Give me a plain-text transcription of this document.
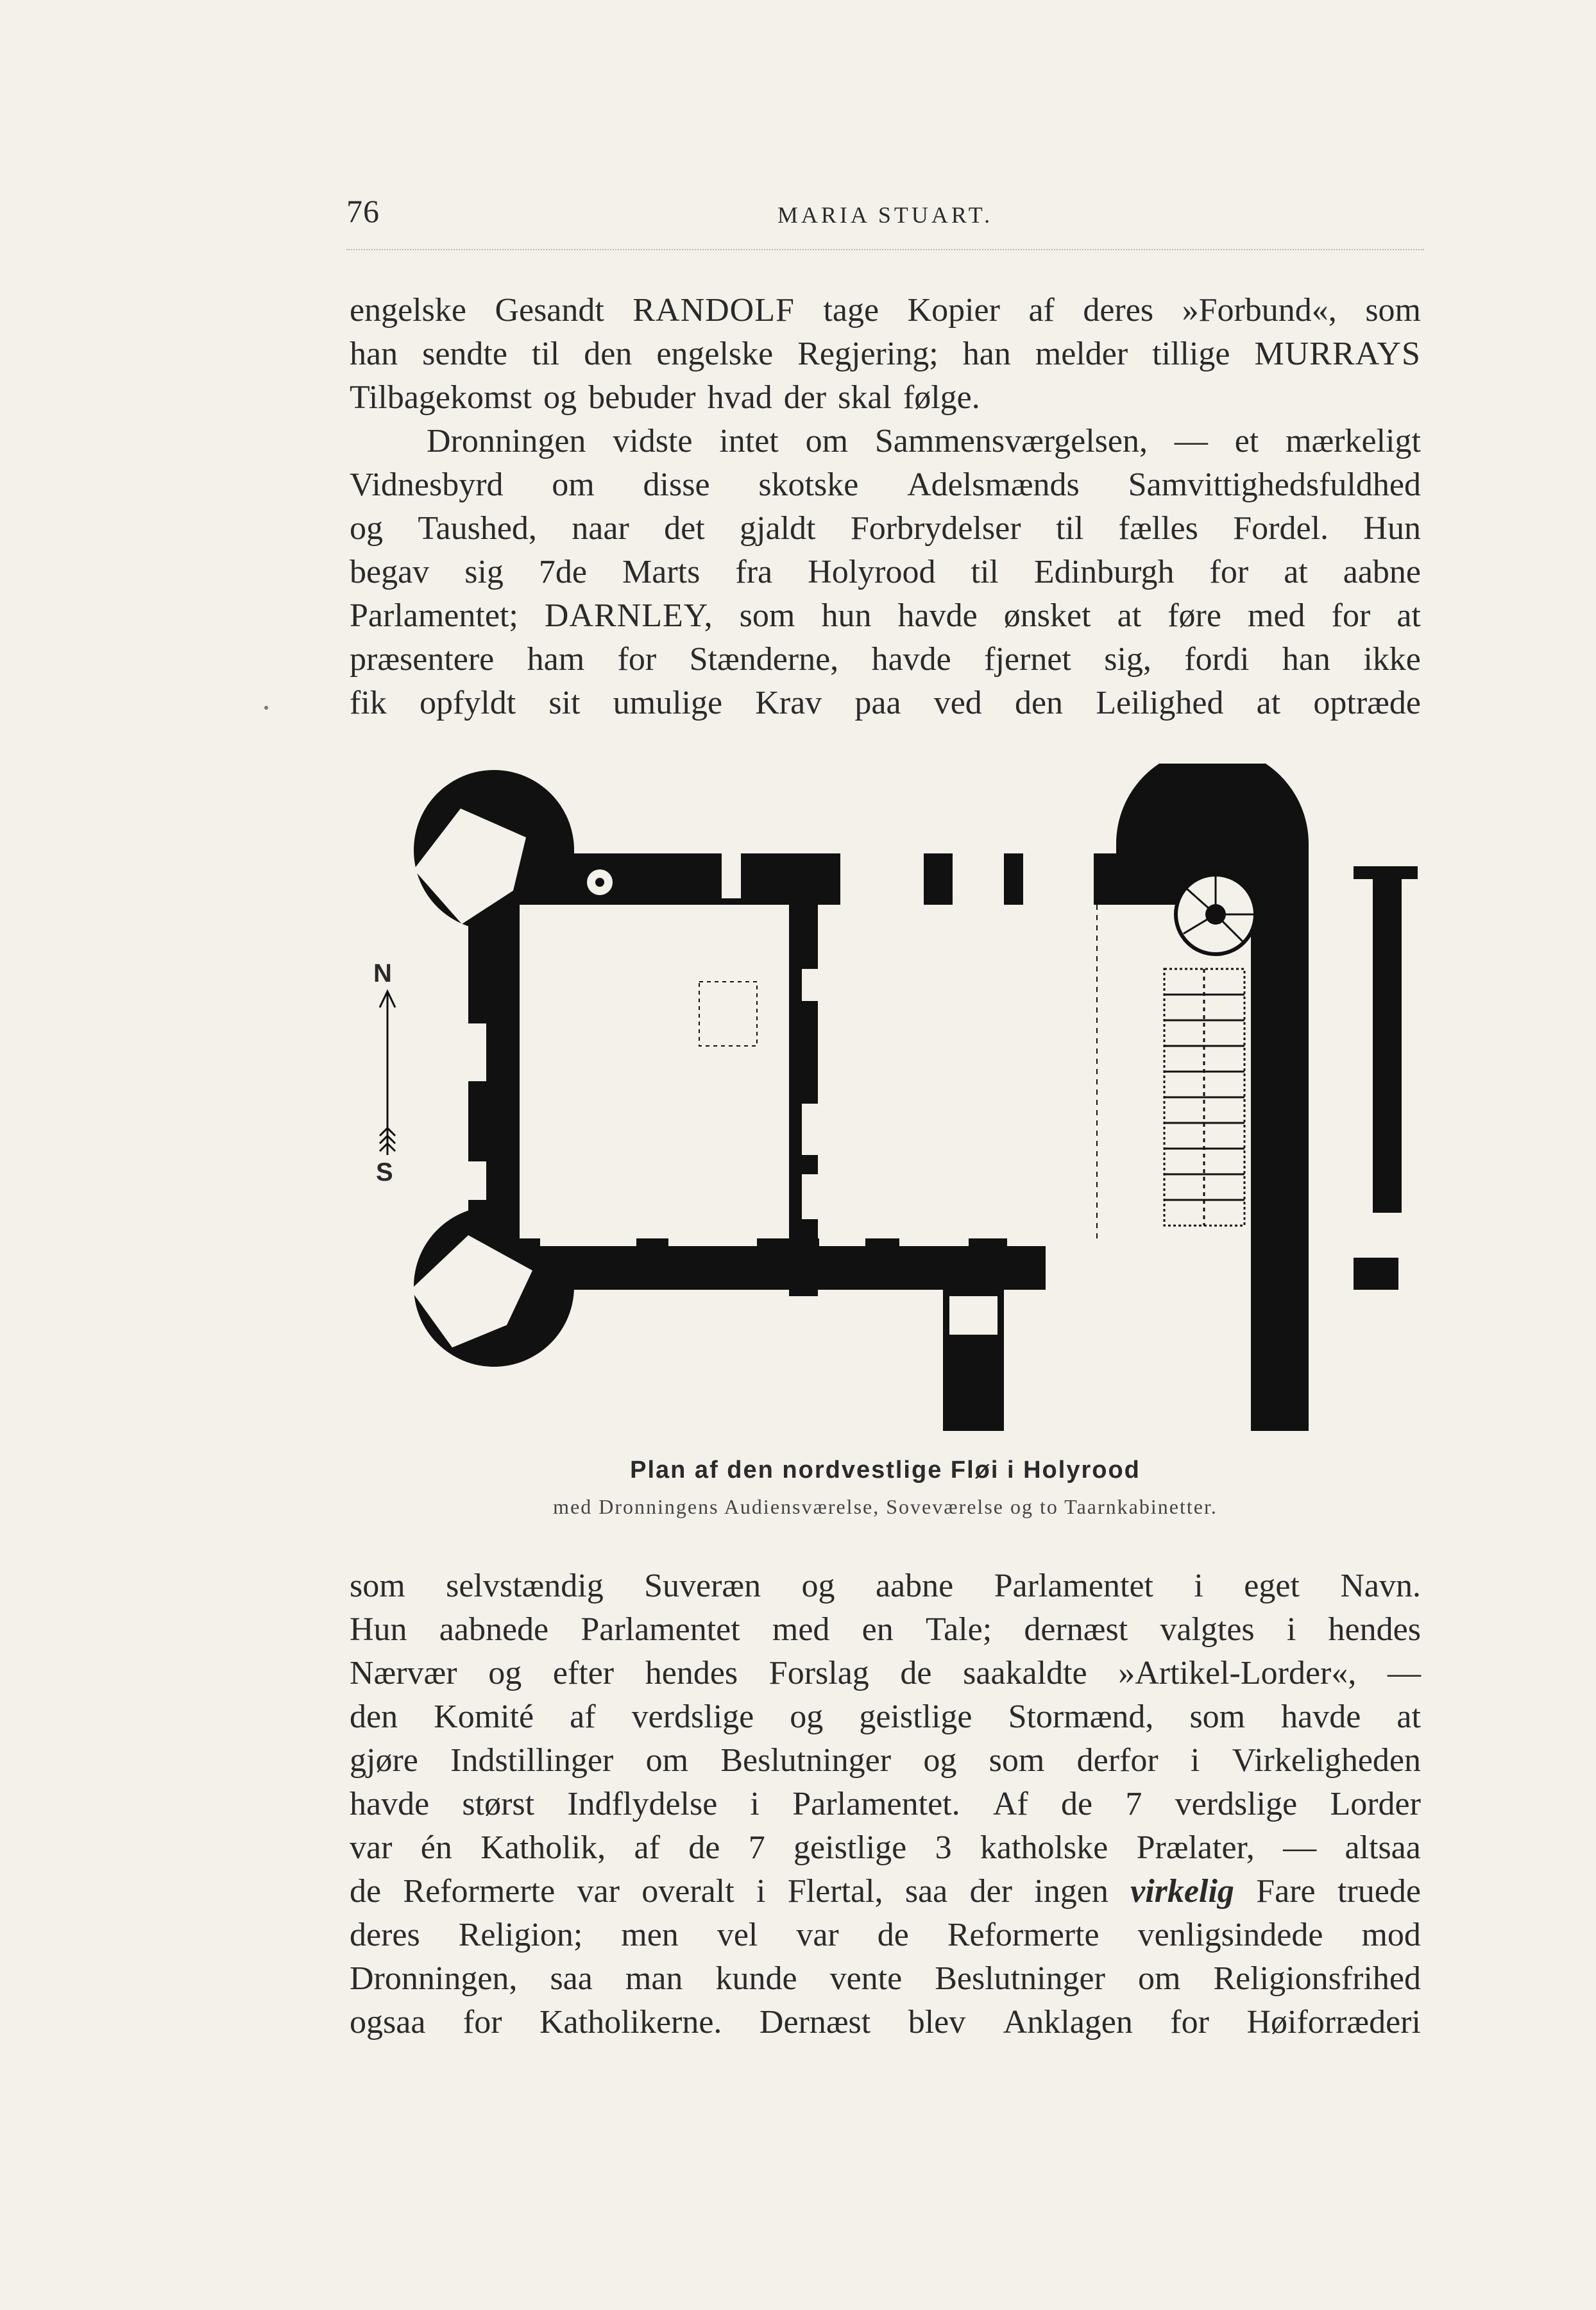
76	MARIA STUART.
engelske Gesandt RANDOLF tage Kopier af deres »Forbund«, som
han sendte til den engelske Regjering; han melder tillige MURRAYS
Tilbagekomst og bebuder hvad der skal følge.
Dronningen vidste intet om Sammensværgelsen, — et mærkeligt
Vidnesbyrd om disse skotske Adelsmænds Samvittighedsfuldhed
og Taushed, naar det gjaldt Forbrydelser til fælles Fordel. Hun
begav sig 7de Marts fra Holyrood til Edinburgh for at aabne
Parlamentet; DARNLEY, som hun havde ønsket at føre med for at
præsentere ham for Stænderne, havde fjernet sig, fordi han ikke
fik opfyldt sit umulige Krav paa ved den Leilighed at optræde
N
S
Plan af den nordvestlige Fløi i Holyrood
med Dronningens Audiensværelse, Soveværelse og to Taarnkabinetter.
som selvstændig Suveræn og aabne Parlamentet i eget Navn.
Hun aabnede Parlamentet med en Tale; dernæst valgtes i hendes
Nærvær og efter hendes Forslag de saakaldte »Artikel-Lorder«, —
den Komité af verdslige og geistlige Stormænd, som havde at
gjøre Indstillinger om Beslutninger og som derfor i Virkeligheden
havde størst Indflydelse i Parlamentet. Af de 7 verdslige Lorder
var én Katholik, af de 7 geistlige 3 katholske Prælater, — altsaa
de Reformerte var overalt i Flertal, saa der ingen virkelig Fare truede
deres Religion; men vel var de Reformerte venligsindede mod
Dronningen, saa man kunde vente Beslutninger om Religionsfrihed
ogsaa for Katholikerne. Dernæst blev Anklagen for Høiforræderi
